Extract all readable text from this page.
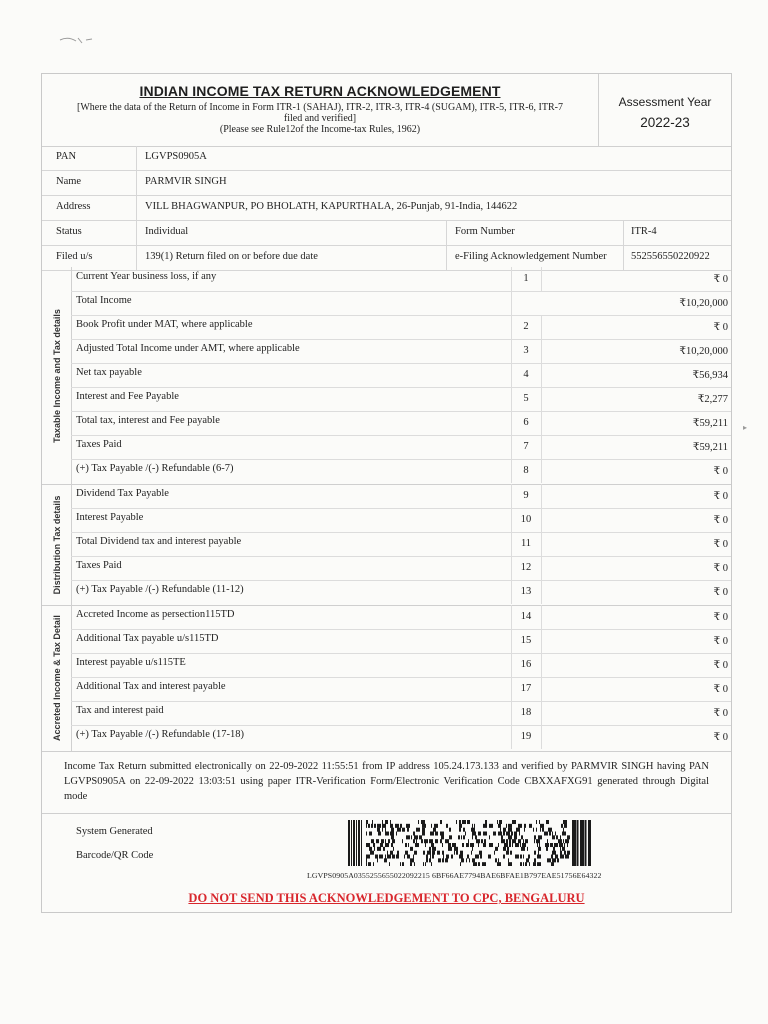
INDIAN INCOME TAX RETURN ACKNOWLEDGEMENT
[Where the data of the Return of Income in Form ITR-1 (SAHAJ), ITR-2, ITR-3, ITR-4 (SUGAM), ITR-5, ITR-6, ITR-7
filed and verified]
(Please see Rule12of the Income-tax Rules, 1962)
Assessment Year
2022-23
PAN	LGVPS0905A
Name	PARMVIR SINGH
Address	VILL BHAGWANPUR, PO BHOLATH, KAPURTHALA, 26-Punjab, 91-India, 144622
Status	Individual	Form Number	ITR-4
Filed u/s	139(1) Return filed on or before due date	e-Filing Acknowledgement Number 552556550220922
Taxable Income and Tax details
Current Year business loss, if any	1	₹ 0
Total Income	₹10,20,000
Book Profit under MAT, where applicable	2	₹ 0
Adjusted Total Income under AMT, where applicable	3	₹10,20,000
Net tax payable	4	₹56,934
Interest and Fee Payable	5	₹2,277
Total tax, interest and Fee payable	6	₹59,211
Taxes Paid	7	₹59,211
(+) Tax Payable /(-) Refundable (6-7)	8	₹ 0
Distribution Tax details
Dividend Tax Payable	9	₹ 0
Interest Payable	10	₹ 0
Total Dividend tax and interest payable	11	₹ 0
Taxes Paid	12	₹ 0
(+) Tax Payable /(-) Refundable (11-12)	13	₹ 0
Accreted Income & Tax Detail
Accreted Income as persection115TD	14	₹ 0
Additional Tax payable u/s115TD	15	₹ 0
Interest payable u/s115TE	16	₹ 0
Additional Tax and interest payable	17	₹ 0
Tax and interest paid	18	₹ 0
(+) Tax Payable /(-) Refundable (17-18)	19	₹ 0
Income Tax Return submitted electronically on 22-09-2022 11:55:51 from IP address 105.24.173.133 and verified by PARMVIR SINGH having PAN LGVPS0905A on 22-09-2022 13:03:51 using paper ITR-Verification Form/Electronic Verification Code CBXXAFXG91 generated through Digital mode
System Generated
Barcode/QR Code
LGVPS0905A0355255655022092215 6BF66AE7794BAE6BFAE1B797EAE51756E64322
DO NOT SEND THIS ACKNOWLEDGEMENT TO CPC, BENGALURU
▸
